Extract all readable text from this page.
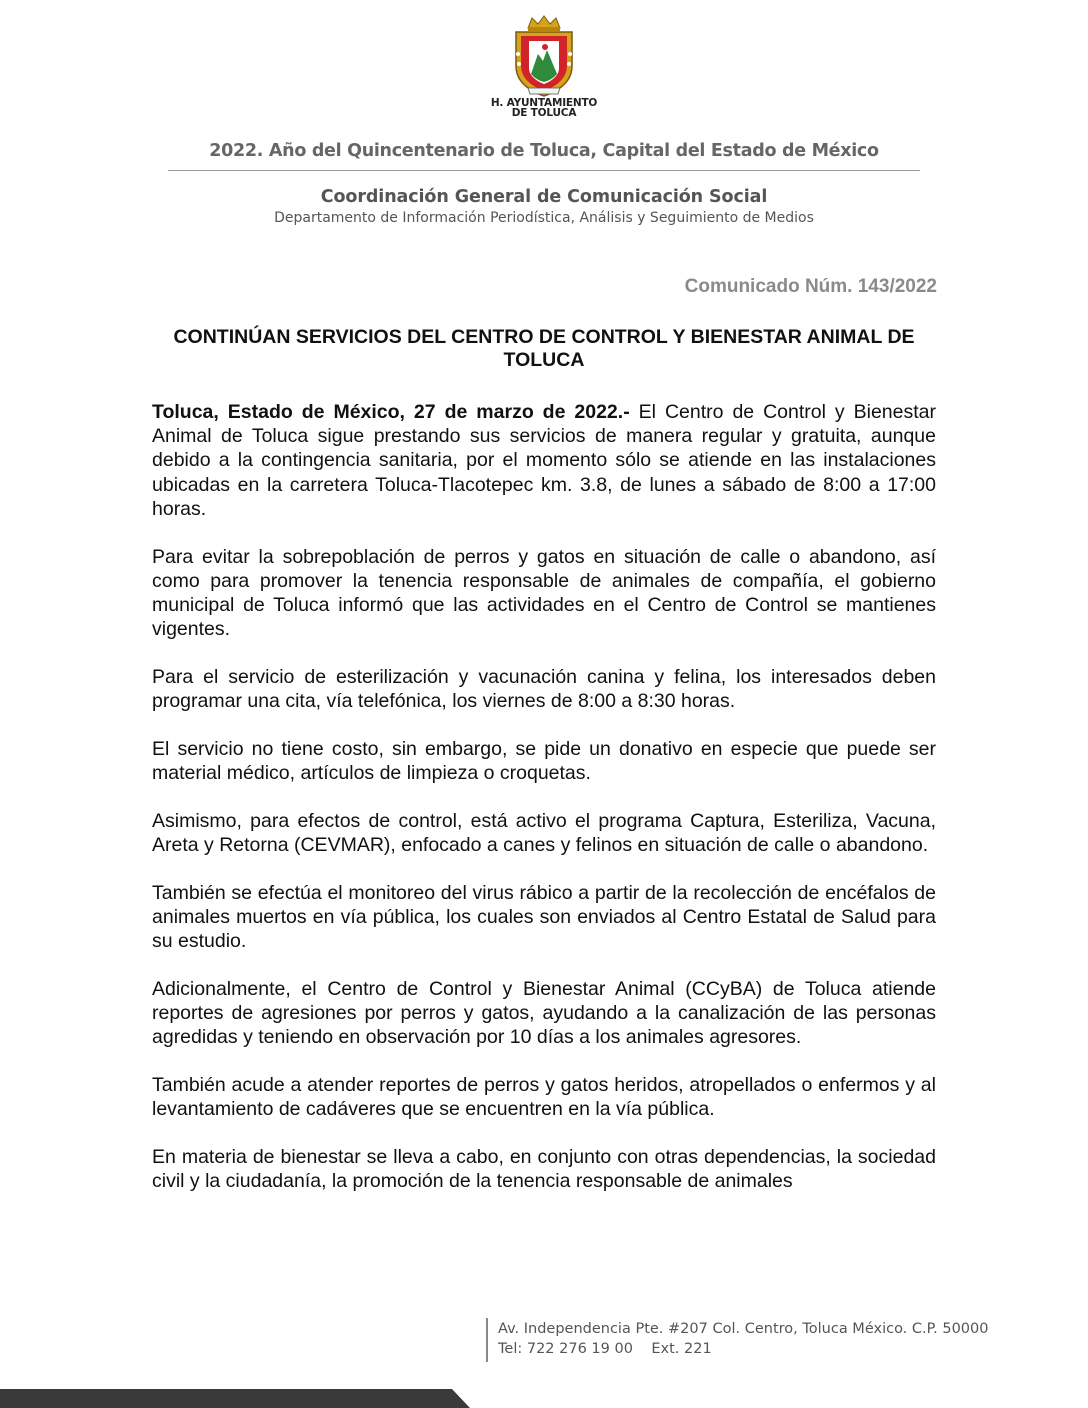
H. AYUNTAMIENTO
DE TOLUCA
2022. Año del Quincentenario de Toluca, Capital del Estado de México
Coordinación General de Comunicación Social
Departamento de Información Periodística, Análisis y Seguimiento de Medios
Comunicado Núm. 143/2022
CONTINÚAN SERVICIOS DEL CENTRO DE CONTROL Y BIENESTAR ANIMAL DE TOLUCA

Toluca, Estado de México, 27 de marzo de 2022.- El Centro de Control y Bienestar Animal de Toluca sigue prestando sus servicios de manera regular y gratuita, aunque debido a la contingencia sanitaria, por el momento sólo se atiende en las instalaciones ubicadas en la carretera Toluca-Tlacotepec km. 3.8, de lunes a sábado de 8:00 a 17:00 horas.

Para evitar la sobrepoblación de perros y gatos en situación de calle o abandono, así como para promover la tenencia responsable de animales de compañía, el gobierno municipal de Toluca informó que las actividades en el Centro de Control se mantienes vigentes.

Para el servicio de esterilización y vacunación canina y felina, los interesados deben programar una cita, vía telefónica, los viernes de 8:00 a 8:30 horas.

El servicio no tiene costo, sin embargo, se pide un donativo en especie que puede ser material médico, artículos de limpieza o croquetas.

Asimismo, para efectos de control, está activo el programa Captura, Esteriliza, Vacuna, Areta y Retorna (CEVMAR), enfocado a canes y felinos en situación de calle o abandono.

También se efectúa el monitoreo del virus rábico a partir de la recolección de encéfalos de animales muertos en vía pública, los cuales son enviados al Centro Estatal de Salud para su estudio.

Adicionalmente, el Centro de Control y Bienestar Animal (CCyBA) de Toluca atiende reportes de agresiones por perros y gatos, ayudando a la canalización de las personas agredidas y teniendo en observación por 10 días a los animales agresores.

También acude a atender reportes de perros y gatos heridos, atropellados o enfermos y al levantamiento de cadáveres que se encuentren en la vía pública.

En materia de bienestar se lleva a cabo, en conjunto con otras dependencias, la sociedad civil y la ciudadanía, la promoción de la tenencia responsable de animales

Av. Independencia Pte. #207 Col. Centro, Toluca México. C.P. 50000
Tel: 722 276 19 00    Ext. 221
